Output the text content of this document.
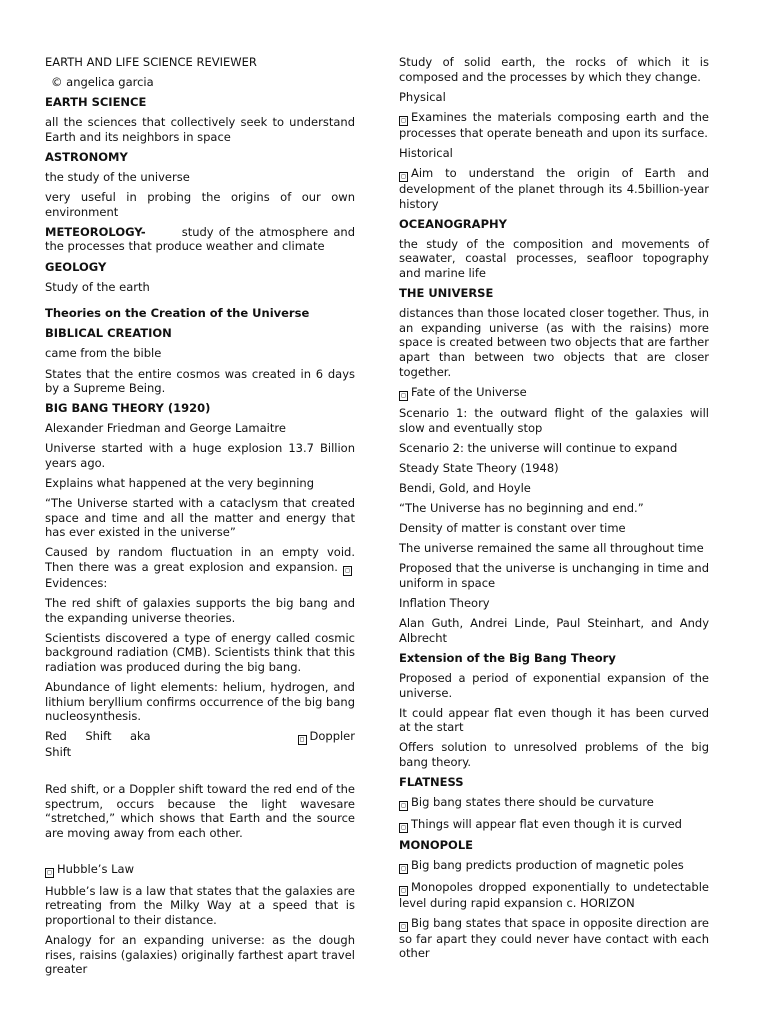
EARTH AND LIFE SCIENCE REVIEWER

© angelica garcia

EARTH SCIENCE

all the sciences that collectively seek to understand Earth and its neighbors in space

ASTRONOMY

the study of the universe

very useful in probing the origins of our own environment

METEOROLOGY-	study of the atmosphere and the processes that produce weather and climate

GEOLOGY

Study of the earth

Theories on the Creation of the Universe

BIBLICAL CREATION

came from the bible

States that the entire cosmos was created in 6 days by a Supreme Being.

BIG BANG THEORY (1920)

Alexander Friedman and George Lamaitre

Universe started with a huge explosion 13.7 Billion years ago.

Explains what happened at the very beginning

“The Universe started with a cataclysm that created space and time and all the matter and energy that has ever existed in the universe”

Caused by random fluctuation in an empty void. Then there was a great explosion and expansion. ◻Evidences:

The red shift of galaxies supports the big bang and the expanding universe theories.

Scientists discovered a type of energy called cosmic background radiation (CMB). Scientists think that this radiation was produced during the big bang.

Abundance of light elements: helium, hydrogen, and lithium beryllium confirms occurrence of the big bang nucleosynthesis.

Red Shift aka	◻ Doppler

Shift

Red shift, or a Doppler shift toward the red end of the spectrum, occurs because the light wavesare “stretched,” which shows that Earth and the source are moving away from each other.

◻ Hubble’s Law

Hubble’s law is a law that states that the galaxies are retreating from the Milky Way at a speed that is proportional to their distance.

Analogy for an expanding universe: as the dough rises, raisins (galaxies) originally farthest apart travel greater

Study of solid earth, the rocks of which it is composed and the processes by which they change.

Physical

◻ Examines the materials composing earth and the processes that operate beneath and upon its surface.

Historical

◻ Aim to understand the origin of Earth and development of the planet through its 4.5billion-year history

OCEANOGRAPHY

the study of the composition and movements of seawater, coastal processes, seafloor topography and marine life

THE UNIVERSE

distances than those located closer together. Thus, in an expanding universe (as with the raisins) more space is created between two objects that are farther apart than between two objects that are closer together.

◻ Fate of the Universe

Scenario 1: the outward flight of the galaxies will slow and eventually stop

Scenario 2: the universe will continue to expand

Steady State Theory (1948)

Bendi, Gold, and Hoyle

“The Universe has no beginning and end.”

Density of matter is constant over time

The universe remained the same all throughout time

Proposed that the universe is unchanging in time and uniform in space

Inflation Theory

Alan Guth, Andrei Linde, Paul Steinhart, and Andy Albrecht

Extension of the Big Bang Theory

Proposed a period of exponential expansion of the universe.

It could appear flat even though it has been curved at the start

Offers solution to unresolved problems of the big bang theory.

FLATNESS

◻ Big bang states there should be curvature

◻ Things will appear flat even though it is curved

MONOPOLE

◻ Big bang predicts production of magnetic poles

◻ Monopoles dropped exponentially to undetectable level during rapid expansion c. HORIZON

◻ Big bang states that space in opposite direction are so far apart they could never have contact with each other
